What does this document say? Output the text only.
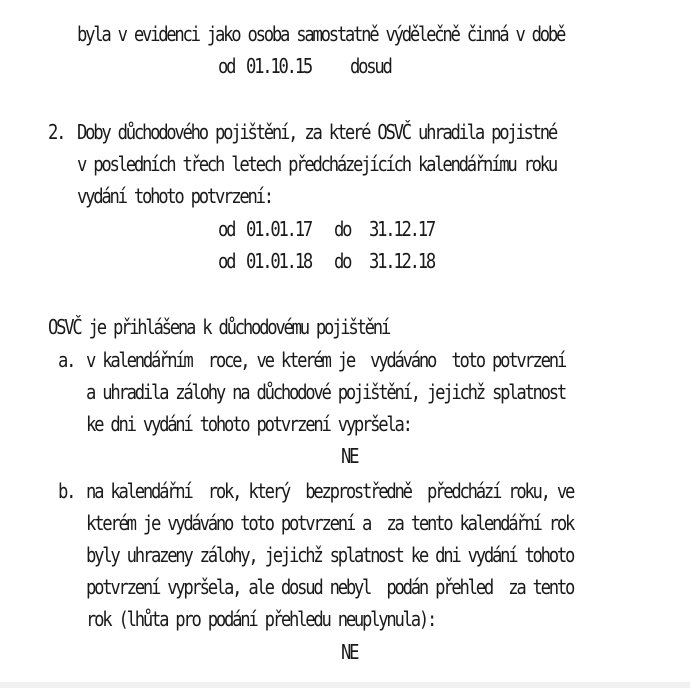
byla v evidenci jako osoba samostatně výdělečně činná v době
od 01.10.15 dosud
2. Doby důchodového pojištění, za které OSVČ uhradila pojistné
v posledních třech letech předcházejících kalendářnímu roku
vydání tohoto potvrzení:
od 01.01.17 do 31.12.17
od 01.01.18 do 31.12.18
OSVČ je přihlášena k důchodovému pojištění
a. v kalendářním  roce, ve kterém je  vydáváno  toto potvrzení
a uhradila zálohy na důchodové pojištění, jejichž splatnost
ke dni vydání tohoto potvrzení vypršela:
NE
b. na kalendářní  rok, který  bezprostředně  předchází roku, ve
kterém je vydáváno toto potvrzení a  za tento kalendářní rok
byly uhrazeny zálohy, jejichž splatnost ke dni vydání tohoto
potvrzení vypršela, ale dosud nebyl  podán přehled  za tento
rok (lhůta pro podání přehledu neuplynula):
NE
